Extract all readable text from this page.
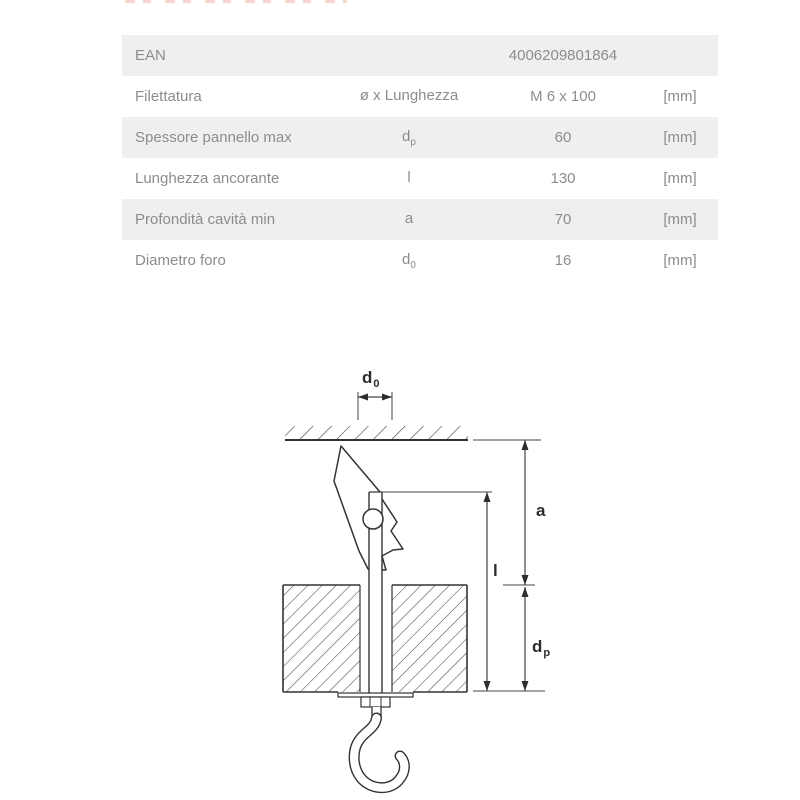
EAN	4006209801864
Filettatura	ø x Lunghezza	M 6 x 100	[mm]
Spessore pannello max	$d_p$	60	[mm]
Lunghezza ancorante	l	130	[mm]
Profondità cavità min	a	70	[mm]
Diametro foro	$d_0$	16	[mm]
$d_0$
a
l
$d_p$
